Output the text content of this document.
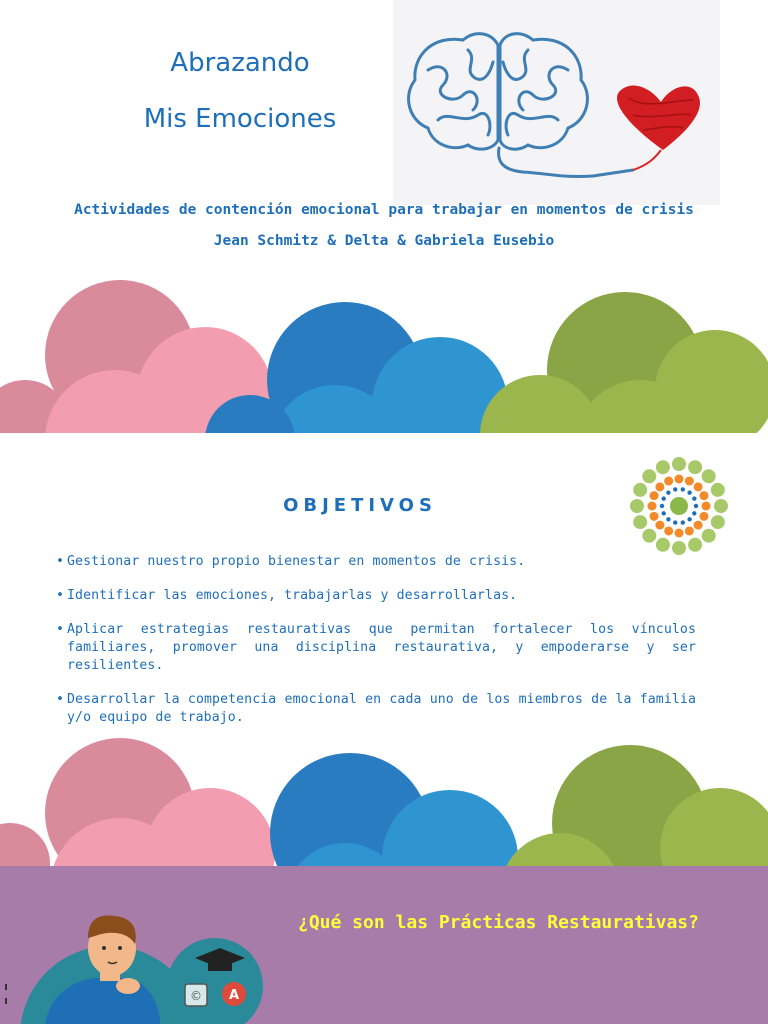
Abrazando
Mis Emociones
Actividades de contención emocional para trabajar en momentos de crisis
Jean Schmitz & Delta & Gabriela Eusebio
OBJETIVOS
• Gestionar nuestro propio bienestar en momentos de crisis.
• Identificar las emociones, trabajarlas y desarrollarlas.
• Aplicar estrategias restaurativas que permitan fortalecer los vínculos familiares, promover una disciplina restaurativa, y empoderarse y ser resilientes.
• Desarrollar la competencia emocional en cada uno de los miembros de la familia y/o equipo de trabajo.
© A
¿Qué son las Prácticas Restaurativas?
